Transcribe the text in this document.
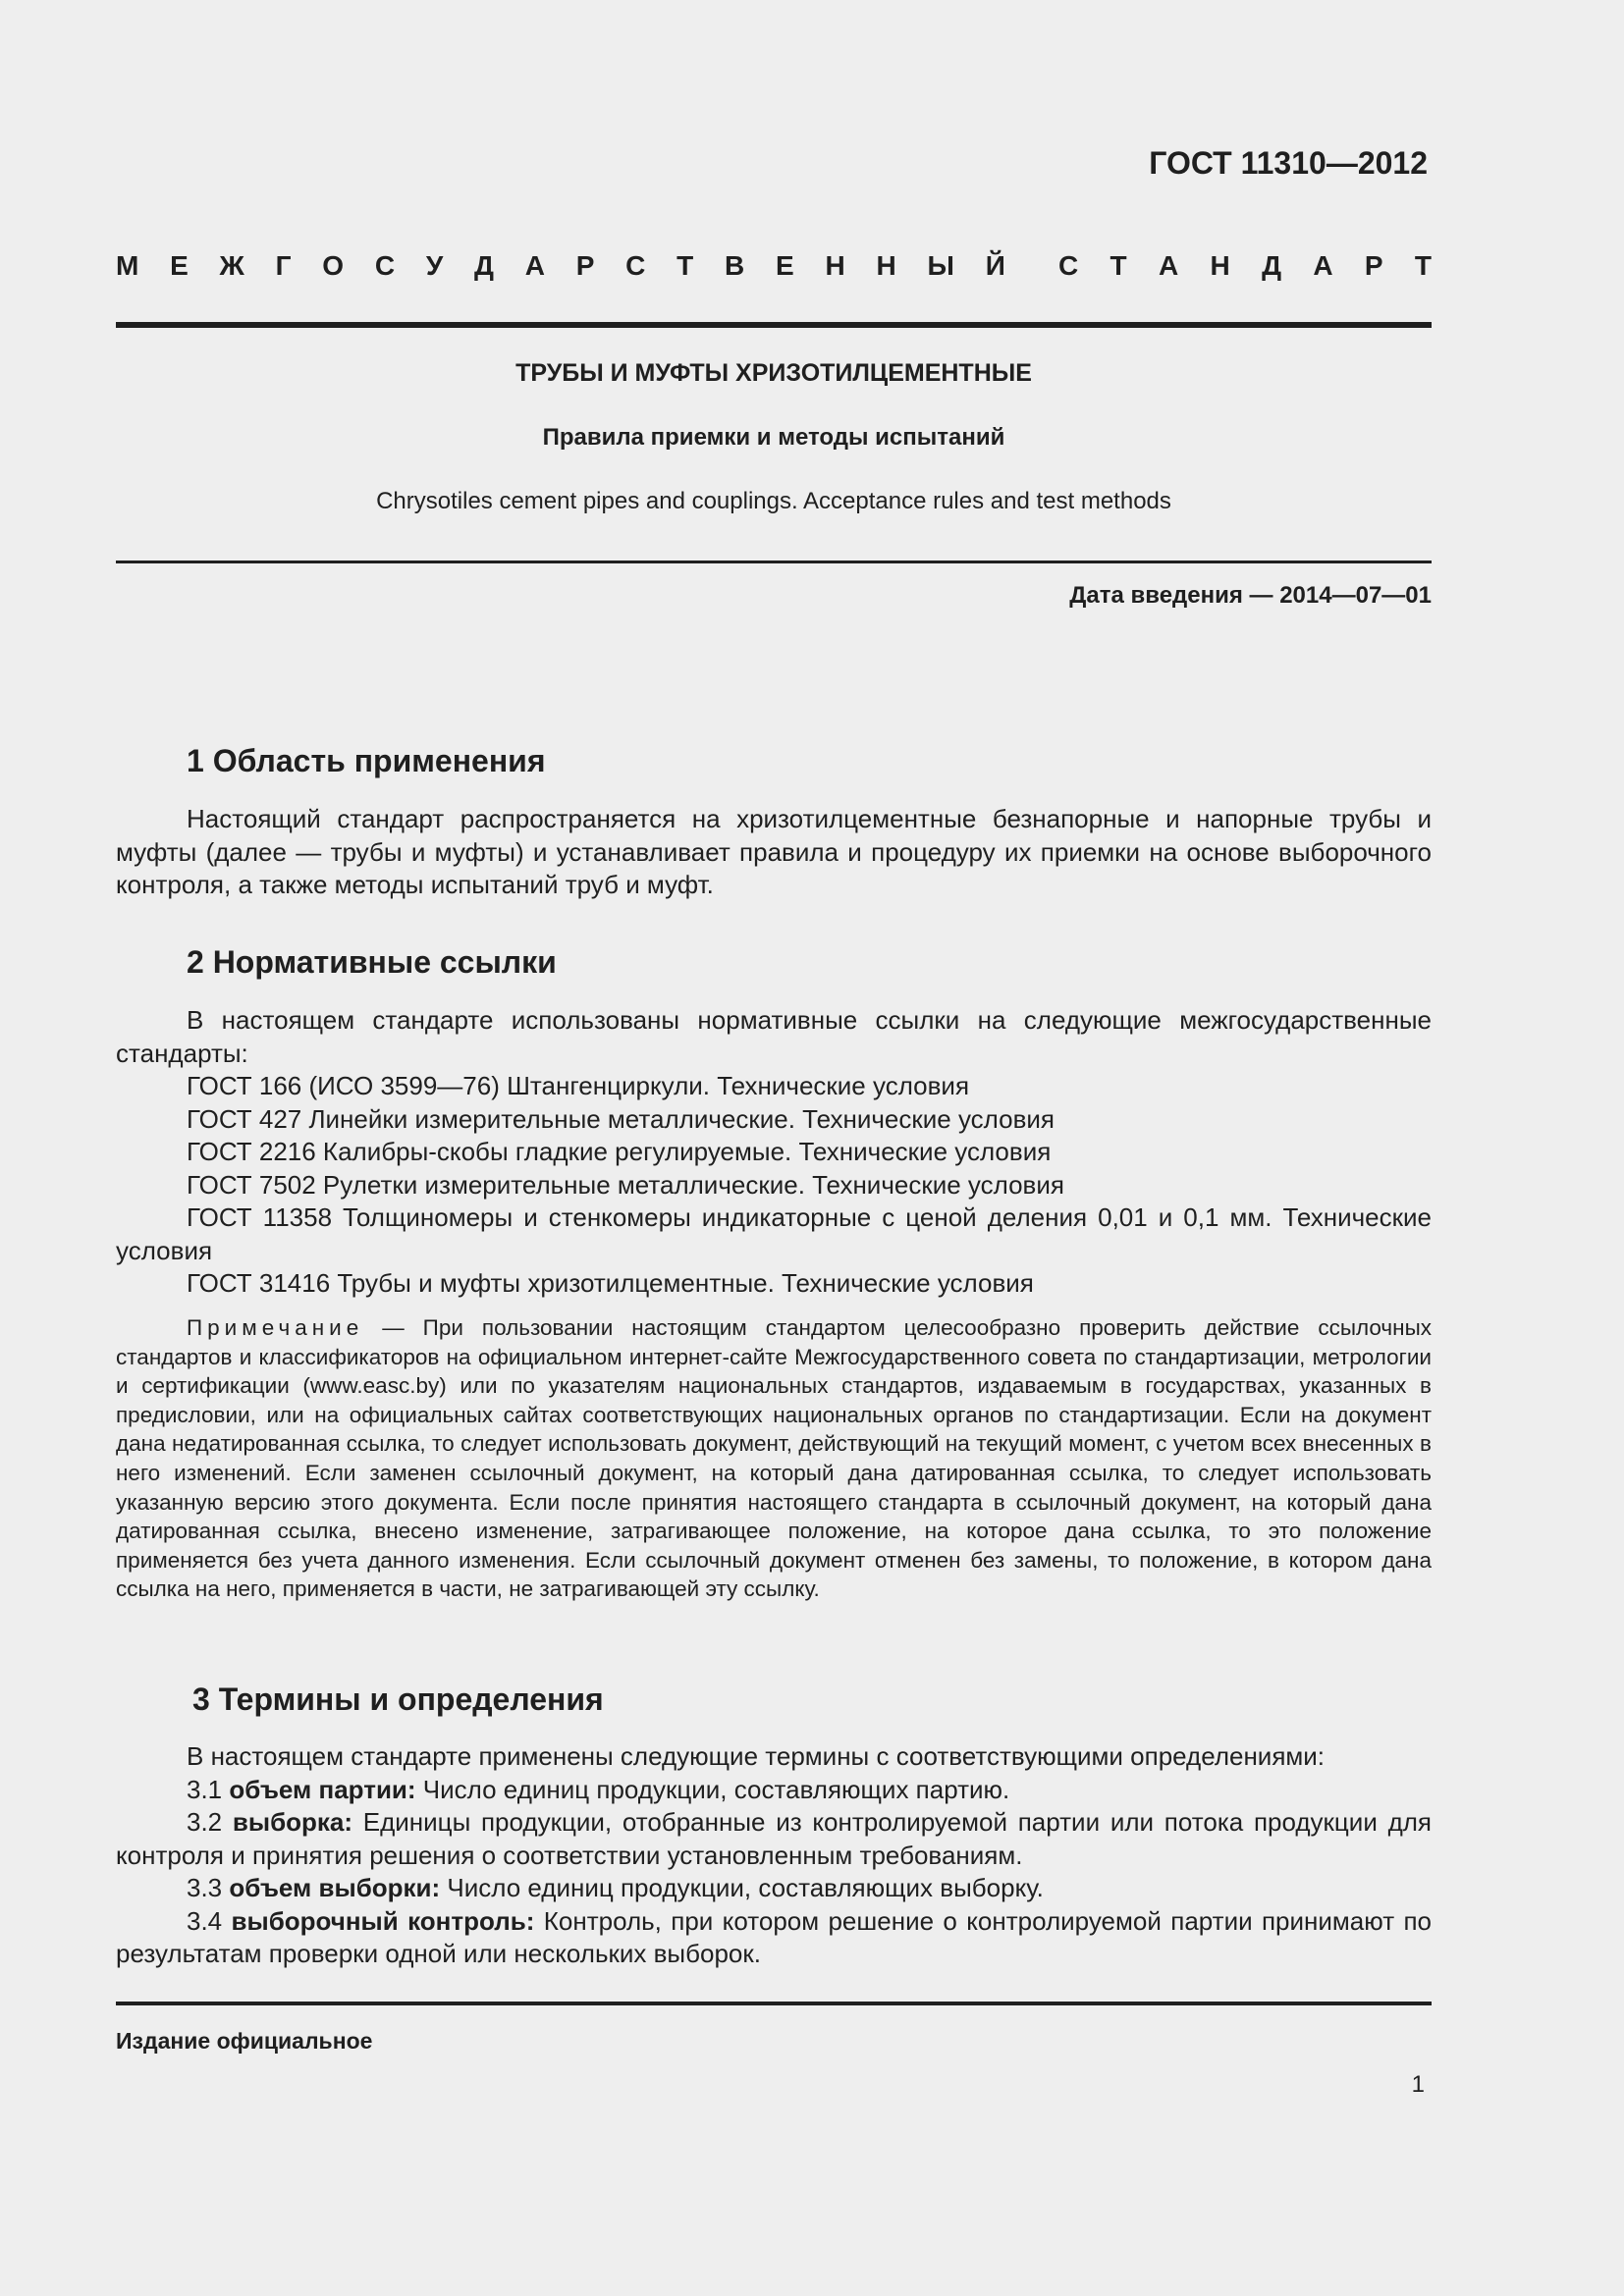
ГОСТ 11310—2012
М Е Ж Г О С У Д А Р С Т В Е Н Н Ы Й С Т А Н Д А Р Т
ТРУБЫ И МУФТЫ ХРИЗОТИЛЦЕМЕНТНЫЕ
Правила приемки и методы испытаний
Chrysotiles cement pipes and couplings. Acceptance rules and test methods
Дата введения — 2014—07—01
1 Область применения

Настоящий стандарт распространяется на хризотилцементные безнапорные и напорные трубы и муфты (далее — трубы и муфты) и устанавливает правила и процедуру их приемки на основе выборочного контроля, а также методы испытаний труб и муфт.

2 Нормативные ссылки

В настоящем стандарте использованы нормативные ссылки на следующие межгосударственные стандарты:

ГОСТ 166 (ИСО 3599—76) Штангенциркули. Технические условия
ГОСТ 427 Линейки измерительные металлические. Технические условия
ГОСТ 2216 Калибры-скобы гладкие регулируемые. Технические условия
ГОСТ 7502 Рулетки измерительные металлические. Технические условия

ГОСТ 11358 Толщиномеры и стенкомеры индикаторные с ценой деления 0,01 и 0,1 мм. Технические условия

ГОСТ 31416 Трубы и муфты хризотилцементные. Технические условия

Примечание — При пользовании настоящим стандартом целесообразно проверить действие ссылочных стандартов и классификаторов на официальном интернет-сайте Межгосударственного совета по стандартизации, метрологии и сертификации (www.easc.by) или по указателям национальных стандартов, издаваемым в государствах, указанных в предисловии, или на официальных сайтах соответствующих национальных органов по стандартизации. Если на документ дана недатированная ссылка, то следует использовать документ, действующий на текущий момент, с учетом всех внесенных в него изменений. Если заменен ссылочный документ, на который дана датированная ссылка, то следует использовать указанную версию этого документа. Если после принятия настоящего стандарта в ссылочный документ, на который дана датированная ссылка, внесено изменение, затрагивающее положение, на которое дана ссылка, то это положение применяется без учета данного изменения. Если ссылочный документ отменен без замены, то положение, в котором дана ссылка на него, применяется в части, не затрагивающей эту ссылку.

3 Термины и определения

В настоящем стандарте применены следующие термины с соответствующими определениями:

3.1 объем партии: Число единиц продукции, составляющих партию.

3.2 выборка: Единицы продукции, отобранные из контролируемой партии или потока продукции для контроля и принятия решения о соответствии установленным требованиям.

3.3 объем выборки: Число единиц продукции, составляющих выборку.

3.4 выборочный контроль: Контроль, при котором решение о контролируемой партии принимают по результатам проверки одной или нескольких выборок.

Издание официальное
1
